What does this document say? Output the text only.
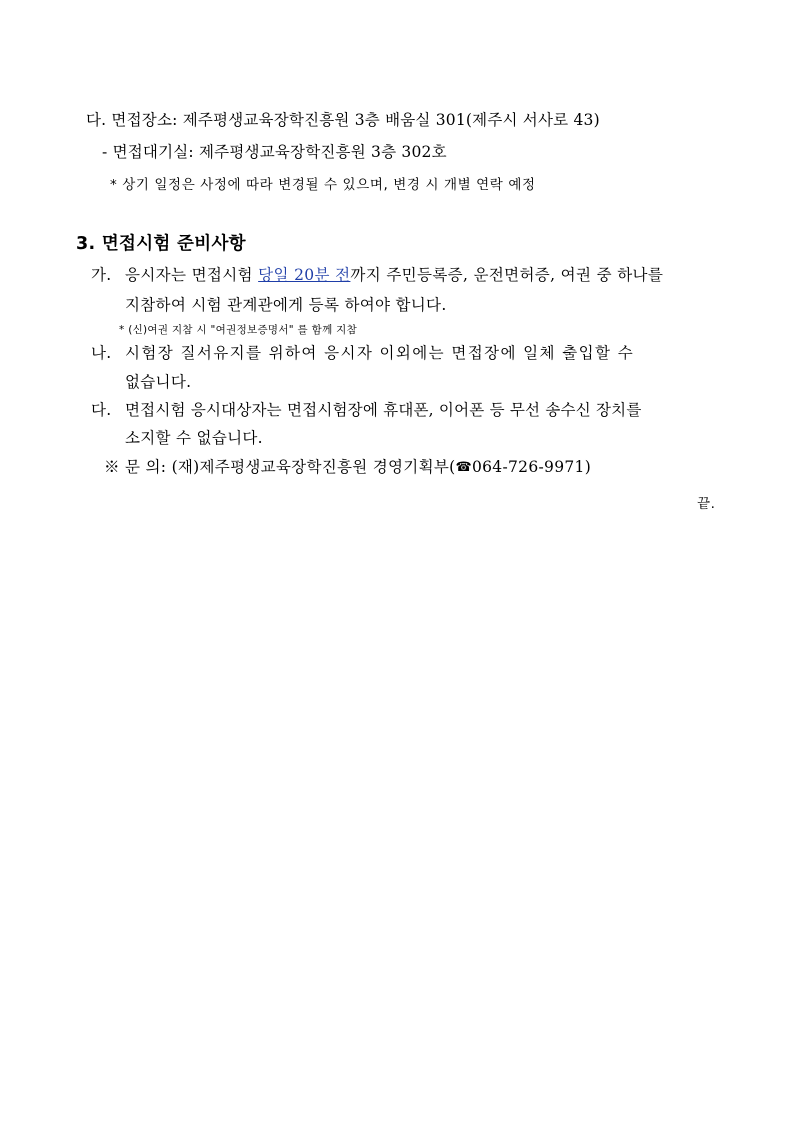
다. 면접장소: 제주평생교육장학진흥원 3층 배움실 301(제주시 서사로 43)
- 면접대기실: 제주평생교육장학진흥원 3층 302호
* 상기 일정은 사정에 따라 변경될 수 있으며, 변경 시 개별 연락 예정
3. 면접시험 준비사항
가. 응시자는 면접시험 당일 20분 전까지 주민등록증, 운전면허증, 여권 중 하나를
지참하여 시험 관계관에게 등록 하여야 합니다.
* (신)여권 지참 시 "여권정보증명서" 를 함께 지참
나. 시험장 질서유지를 위하여 응시자 이외에는 면접장에 일체 출입할 수
없습니다.
다. 면접시험 응시대상자는 면접시험장에 휴대폰, 이어폰 등 무선 송수신 장치를
소지할 수 없습니다.
※ 문 의: (재)제주평생교육장학진흥원 경영기획부(☎064-726-9971)
끝.
